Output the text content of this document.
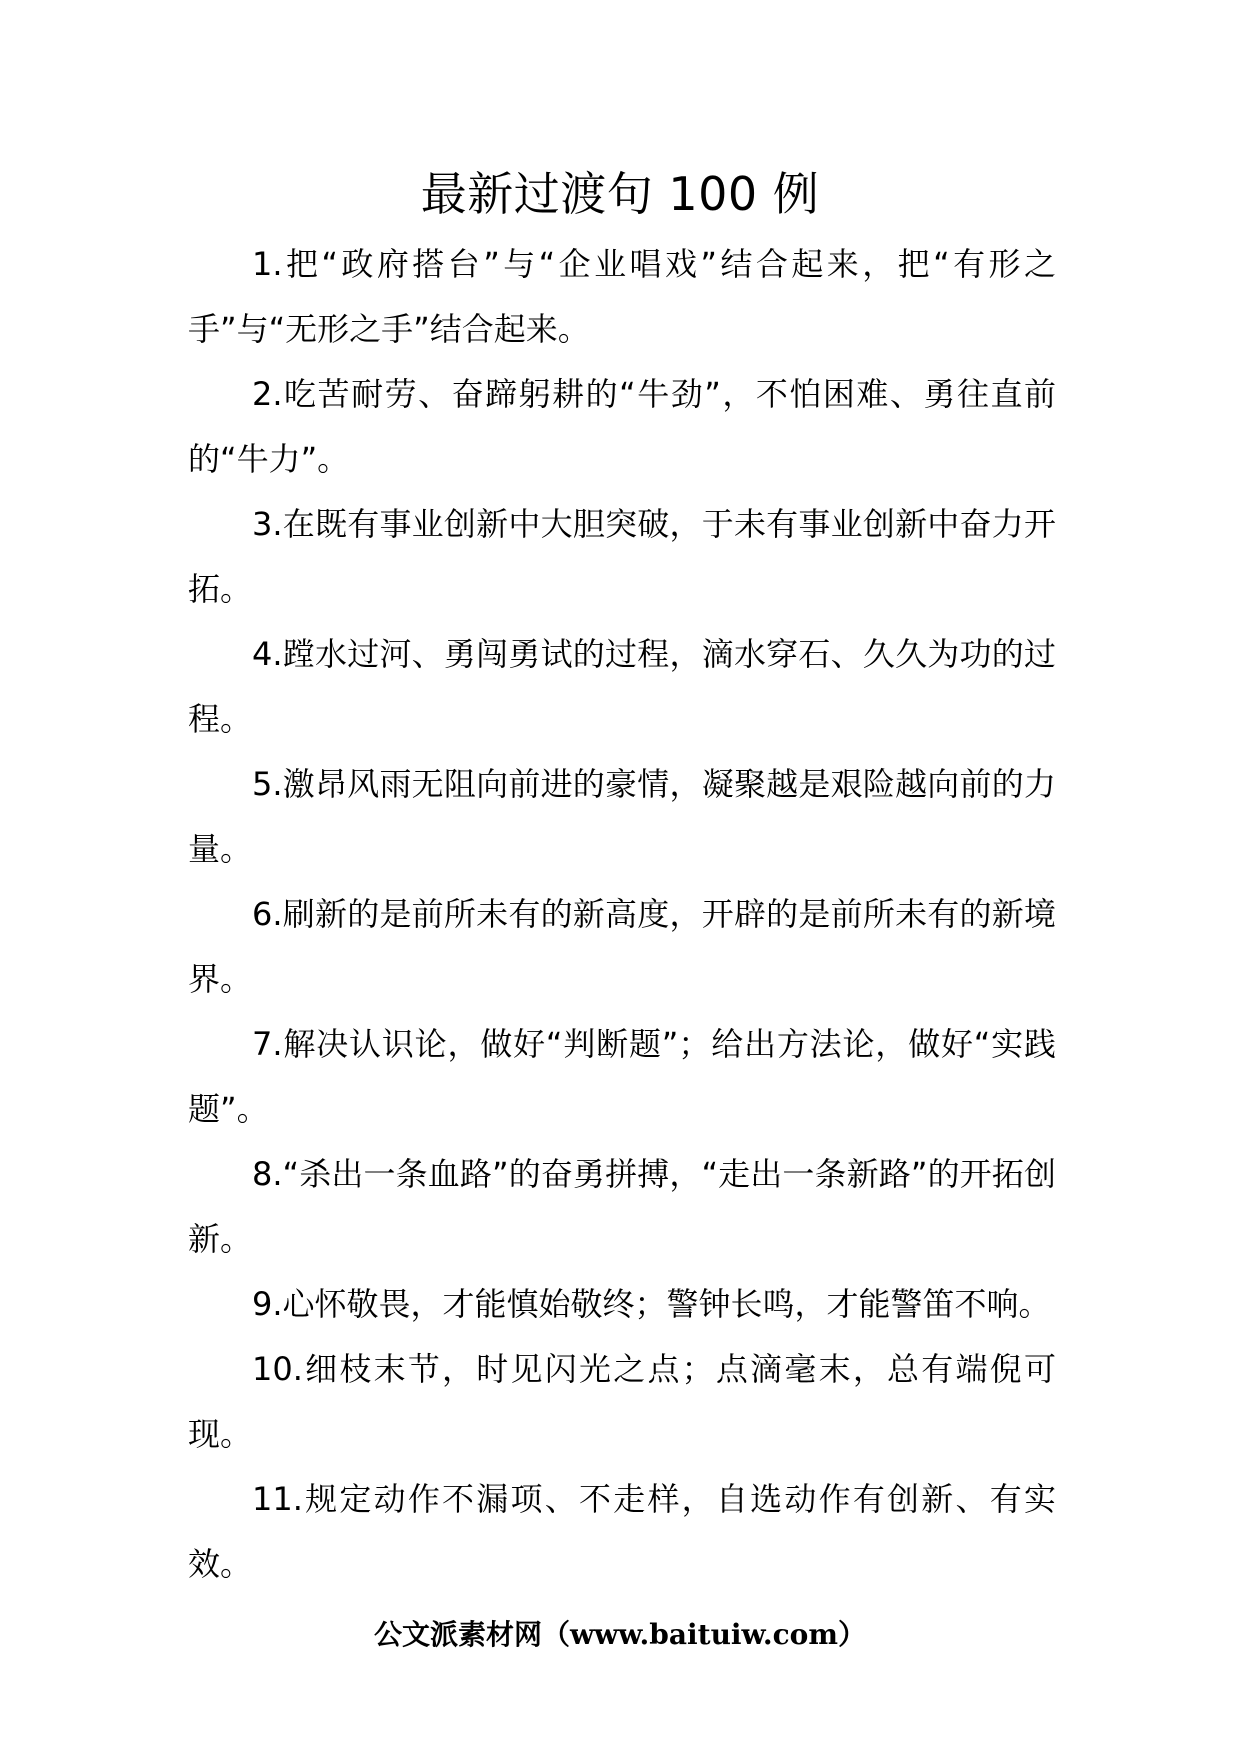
最新过渡句 100 例

1.把“政府搭台”与“企业唱戏”结合起来，把“有形之手”与“无形之手”结合起来。

2.吃苦耐劳、奋蹄躬耕的“牛劲”，不怕困难、勇往直前的“牛力”。

3.在既有事业创新中大胆突破，于未有事业创新中奋力开拓。

4.蹚水过河、勇闯勇试的过程，滴水穿石、久久为功的过程。

5.激昂风雨无阻向前进的豪情，凝聚越是艰险越向前的力量。

6.刷新的是前所未有的新高度，开辟的是前所未有的新境界。

7.解决认识论，做好“判断题”；给出方法论，做好“实践题”。

8.“杀出一条血路”的奋勇拼搏，“走出一条新路”的开拓创新。

9.心怀敬畏，才能慎始敬终；警钟长鸣，才能警笛不响。

10.细枝末节，时见闪光之点；点滴毫末，总有端倪可现。

11.规定动作不漏项、不走样，自选动作有创新、有实效。

公文派素材网（www.baituiw.com）
